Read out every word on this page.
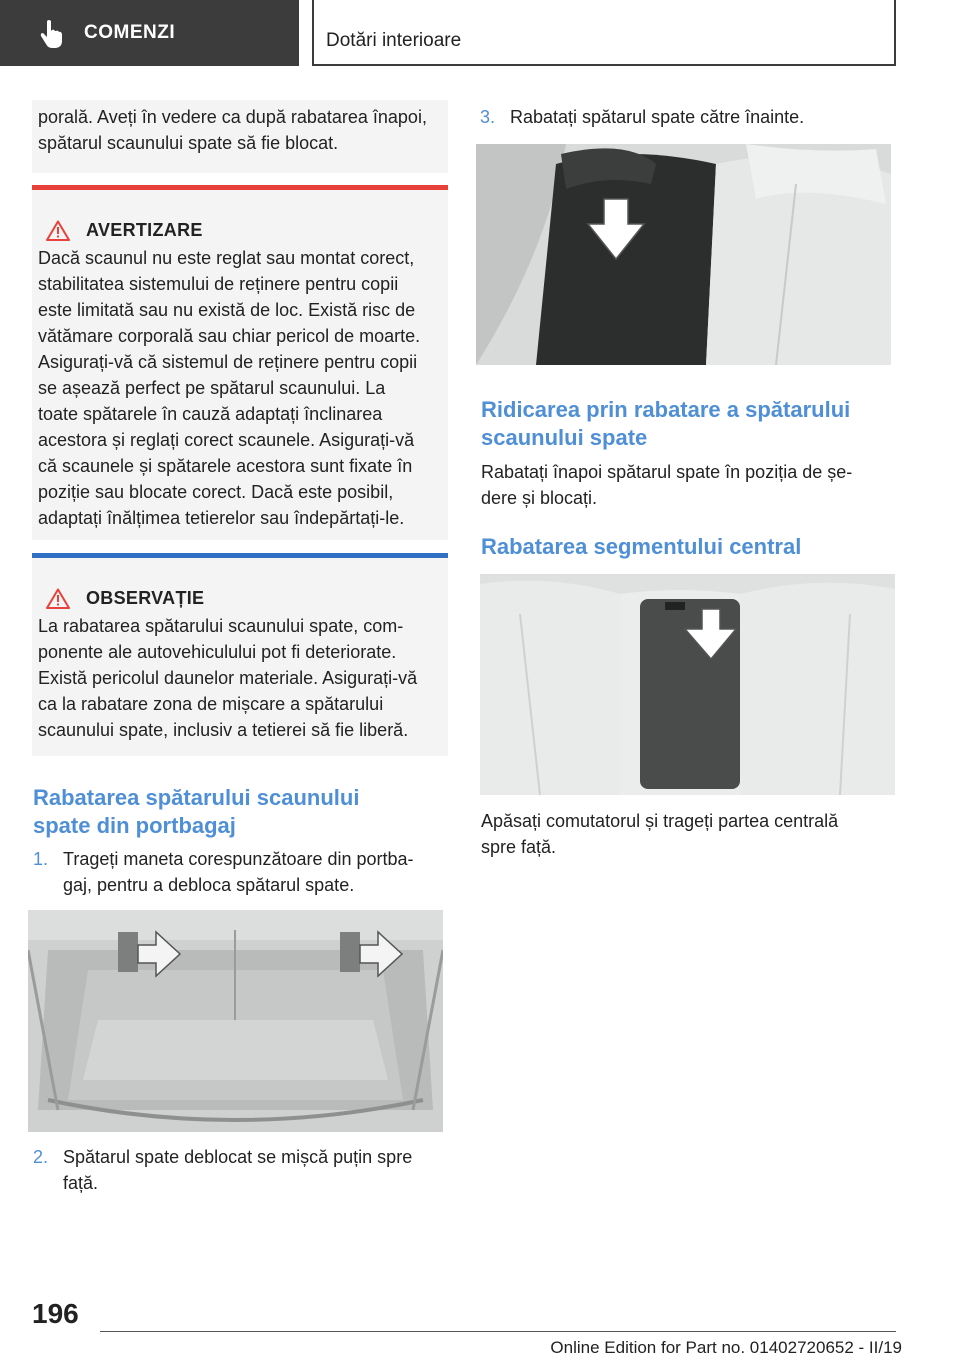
COMENZI	Dotări interioare
porală. Aveți în vedere ca după rabatarea înapoi,
spătarul scaunului spate să fie blocat.
AVERTIZARE
Dacă scaunul nu este reglat sau montat corect,
stabilitatea sistemului de reținere pentru copii
este limitată sau nu există de loc. Există risc de
vătămare corporală sau chiar pericol de moarte.
Asigurați-vă că sistemul de reținere pentru copii
se așează perfect pe spătarul scaunului. La
toate spătarele în cauză adaptați înclinarea
acestora și reglați corect scaunele. Asigurați-vă
că scaunele și spătarele acestora sunt fixate în
poziție sau blocate corect. Dacă este posibil,
adaptați înălțimea tetierelor sau îndepărtați-le.
OBSERVAȚIE
La rabatarea spătarului scaunului spate, com-
ponente ale autovehiculului pot fi deteriorate.
Există pericolul daunelor materiale. Asigurați-vă
ca la rabatare zona de mișcare a spătarului
scaunului spate, inclusiv a tetierei să fie liberă.
Rabatarea spătarului scaunului
spate din portbagaj
1. Trageți maneta corespunzătoare din portba-
gaj, pentru a debloca spătarul spate.
2. Spătarul spate deblocat se mișcă puțin spre
față.
3. Rabatați spătarul spate către înainte.
Ridicarea prin rabatare a spătarului
scaunului spate
Rabatați înapoi spătarul spate în poziția de șe-
dere și blocați.
Rabatarea segmentului central
Apăsați comutatorul și trageți partea centrală
spre față.
196
Online Edition for Part no. 01402720652 - II/19
